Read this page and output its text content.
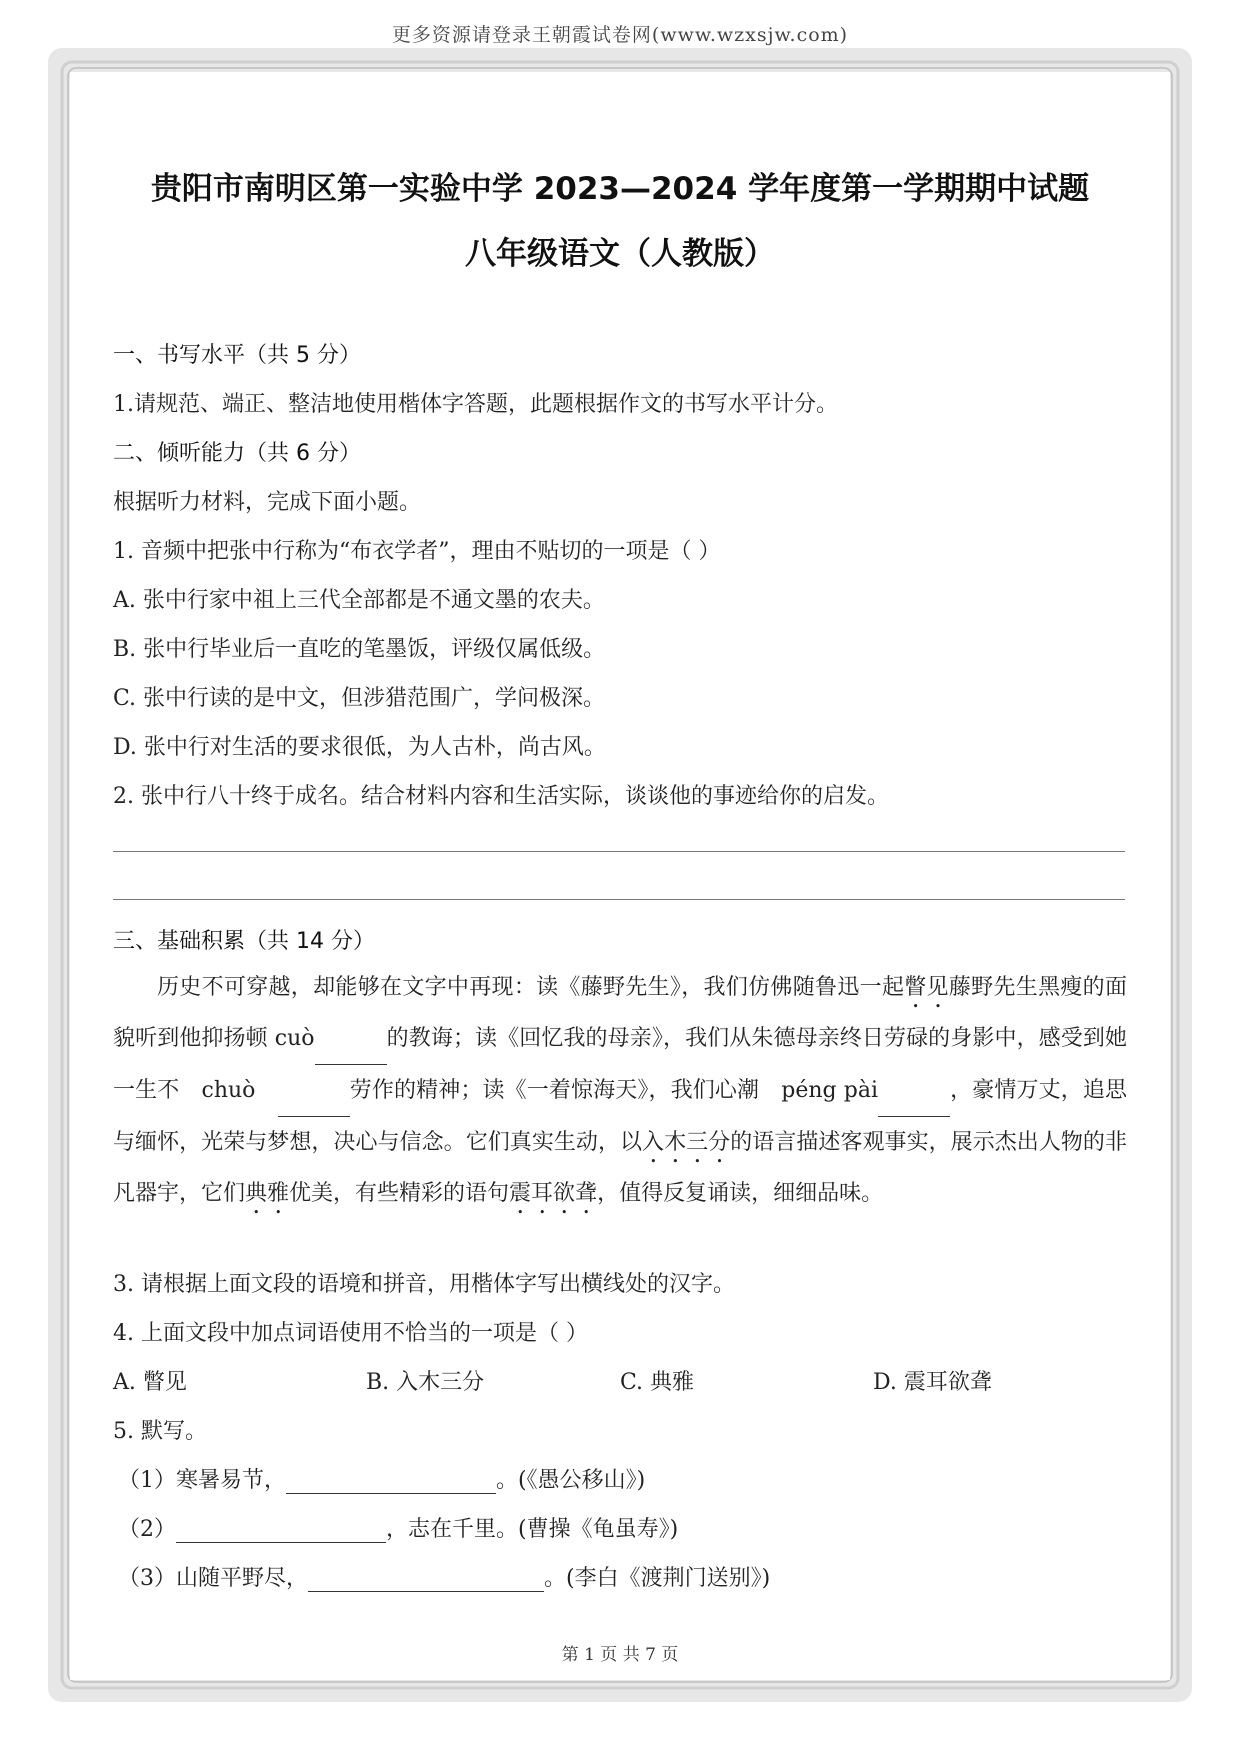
更多资源请登录王朝霞试卷网(www.wzxsjw.com)
贵阳市南明区第一实验中学 2023—2024 学年度第一学期期中试题
八年级语文（人教版）
一、书写水平（共 5 分）
1.请规范、端正、整洁地使用楷体字答题，此题根据作文的书写水平计分。
二、倾听能力（共 6 分）
根据听力材料，完成下面小题。
1. 音频中把张中行称为“布衣学者”，理由不贴切的一项是（ ）
A. 张中行家中祖上三代全部都是不通文墨的农夫。
B. 张中行毕业后一直吃的笔墨饭，评级仅属低级。
C. 张中行读的是中文，但涉猎范围广，学问极深。
D. 张中行对生活的要求很低，为人古朴，尚古风。
2. 张中行八十终于成名。结合材料内容和生活实际，谈谈他的事迹给你的启发。
三、基础积累（共 14 分）
历史不可穿越，却能够在文字中再现：读《藤野先生》，我们仿佛随鲁迅一起瞥见藤野先生黑瘦的面貌听到他抑扬顿 cuò	的教诲；读《回忆我的母亲》，我们从朱德母亲终日劳碌的身影中，感受到她一生不　chuò　	劳作的精神；读《一着惊海天》，我们心潮　péng pài	，豪情万丈，追思与缅怀，光荣与梦想，决心与信念。它们真实生动，以入木三分的语言描述客观事实，展示杰出人物的非凡器宇，它们典雅优美，有些精彩的语句震耳欲聋，值得反复诵读，细细品味。
3. 请根据上面文段的语境和拼音，用楷体字写出横线处的汉字。
4. 上面文段中加点词语使用不恰当的一项是（ ）
A. 瞥见	B. 入木三分	C. 典雅	D. 震耳欲聋
5. 默写。
（1）寒暑易节，	。(《愚公移山》)
（2）	，志在千里。(曹操《龟虽寿》)
（3）山随平野尽，	。(李白《渡荆门送别》)
第 1 页 共 7 页
